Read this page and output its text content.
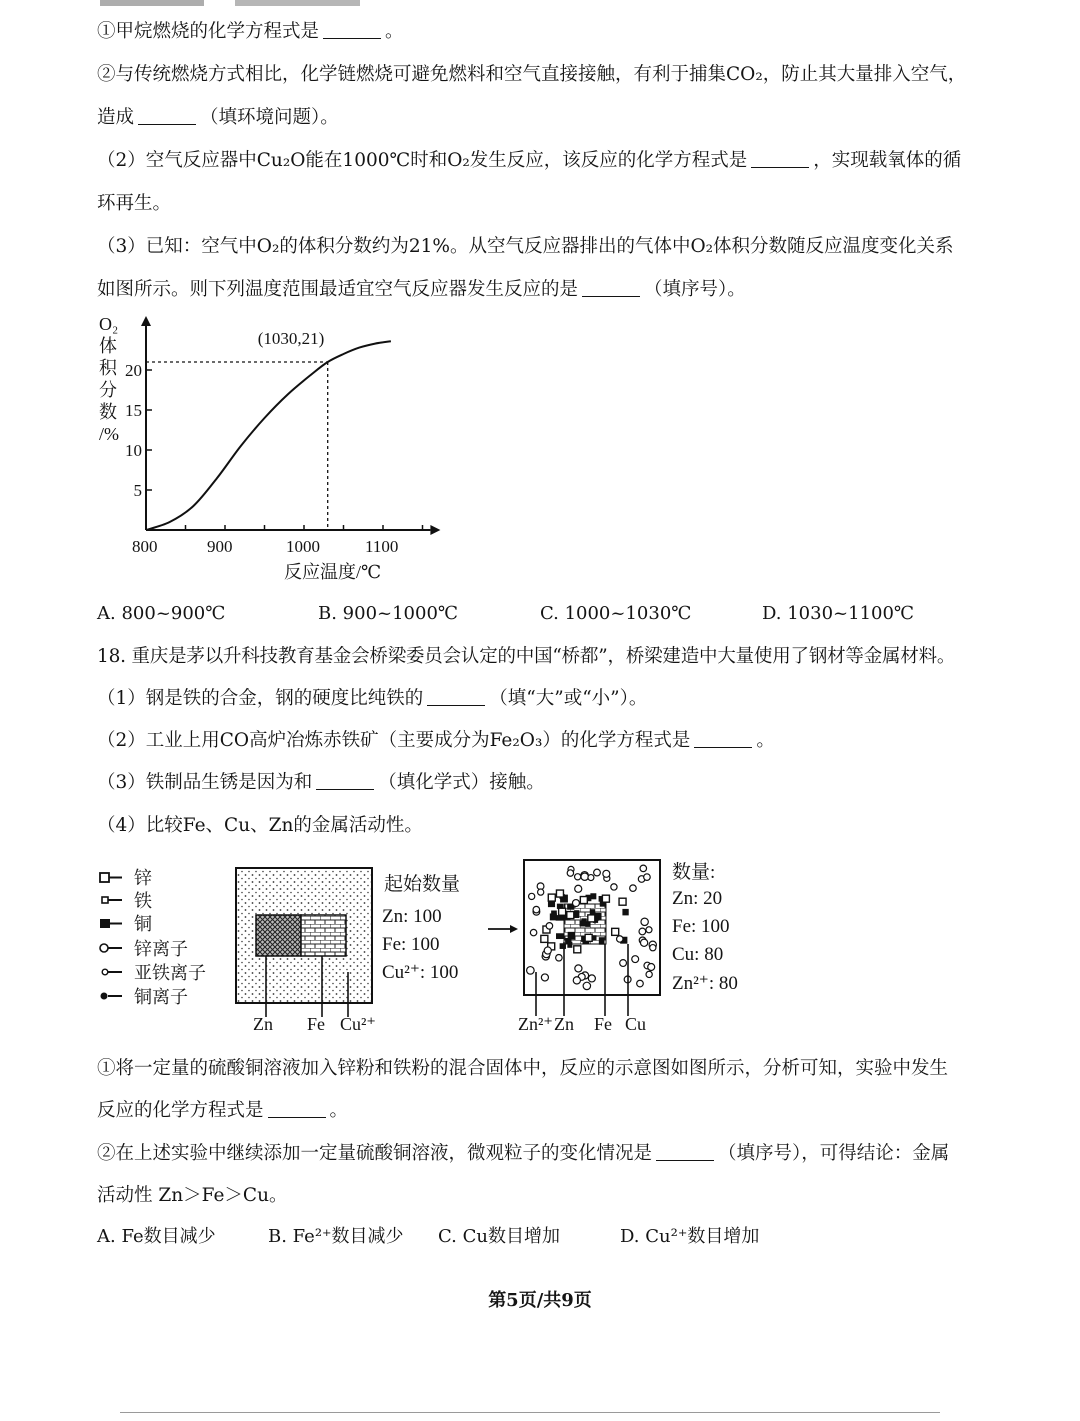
①甲烷燃烧的化学方程式是	。
②与传统燃烧方式相比，化学链燃烧可避免燃料和空气直接接触，有利于捕集CO₂，防止其大量排入空气，
造成	（填环境问题）。
（2）空气反应器中Cu₂O能在1000℃时和O₂发生反应，该反应的化学方程式是	，实现载氧体的循
环再生。
（3）已知：空气中O₂的体积分数约为21%。从空气反应器排出的气体中O₂体积分数随反应温度变化关系
如图所示。则下列温度范围最适宜空气反应器发生反应的是	（填序号）。
800	900	1000	1100
5
10
15
20
O₂
体
积
分
数
/%
反应温度/℃
(1030,21)
A. 800~900℃	B. 900~1000℃	C. 1000~1030℃	D. 1030~1100℃
18. 重庆是茅以升科技教育基金会桥梁委员会认定的中国“桥都”，桥梁建造中大量使用了钢材等金属材料。
（1）钢是铁的合金，钢的硬度比纯铁的	（填“大”或“小”）。
（2）工业上用CO高炉冶炼赤铁矿（主要成分为Fe₂O₃）的化学方程式是	。
（3）铁制品生锈是因为和	（填化学式）接触。
（4）比较Fe、Cu、Zn的金属活动性。
锌
铁
铜
锌离子
亚铁离子
铜离子
Zn Fe Cu²⁺
起始数量
Zn: 100
Fe: 100
Cu²⁺: 100
Zn²⁺ Zn Fe Cu
数量:
Zn: 20
Fe: 100
Cu: 80
Zn²⁺: 80
①将一定量的硫酸铜溶液加入锌粉和铁粉的混合固体中，反应的示意图如图所示，分析可知，实验中发生
反应的化学方程式是	。
②在上述实验中继续添加一定量硫酸铜溶液，微观粒子的变化情况是	（填序号），可得结论：金属
活动性 Zn＞Fe＞Cu。
A. Fe数目减少	B. Fe²⁺数目减少 C. Cu数目增加	D. Cu²⁺数目增加
第5页/共9页
